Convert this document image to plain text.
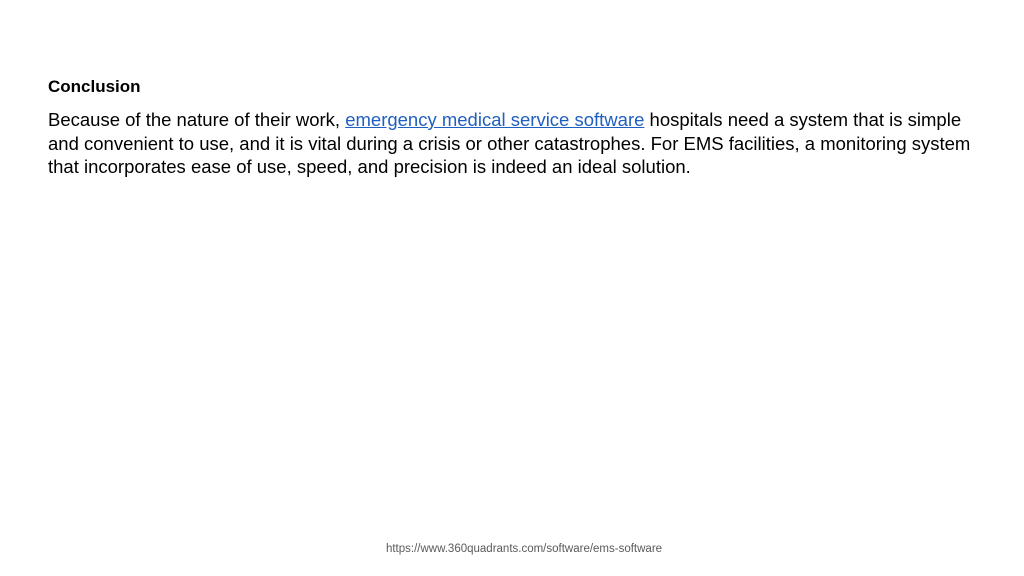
Conclusion

Because of the nature of their work, emergency medical service software hospitals need a system that is simple and convenient to use, and it is vital during a crisis or other catastrophes. For EMS facilities, a monitoring system that incorporates ease of use, speed, and precision is indeed an ideal solution.

https://www.360quadrants.com/software/ems-software
